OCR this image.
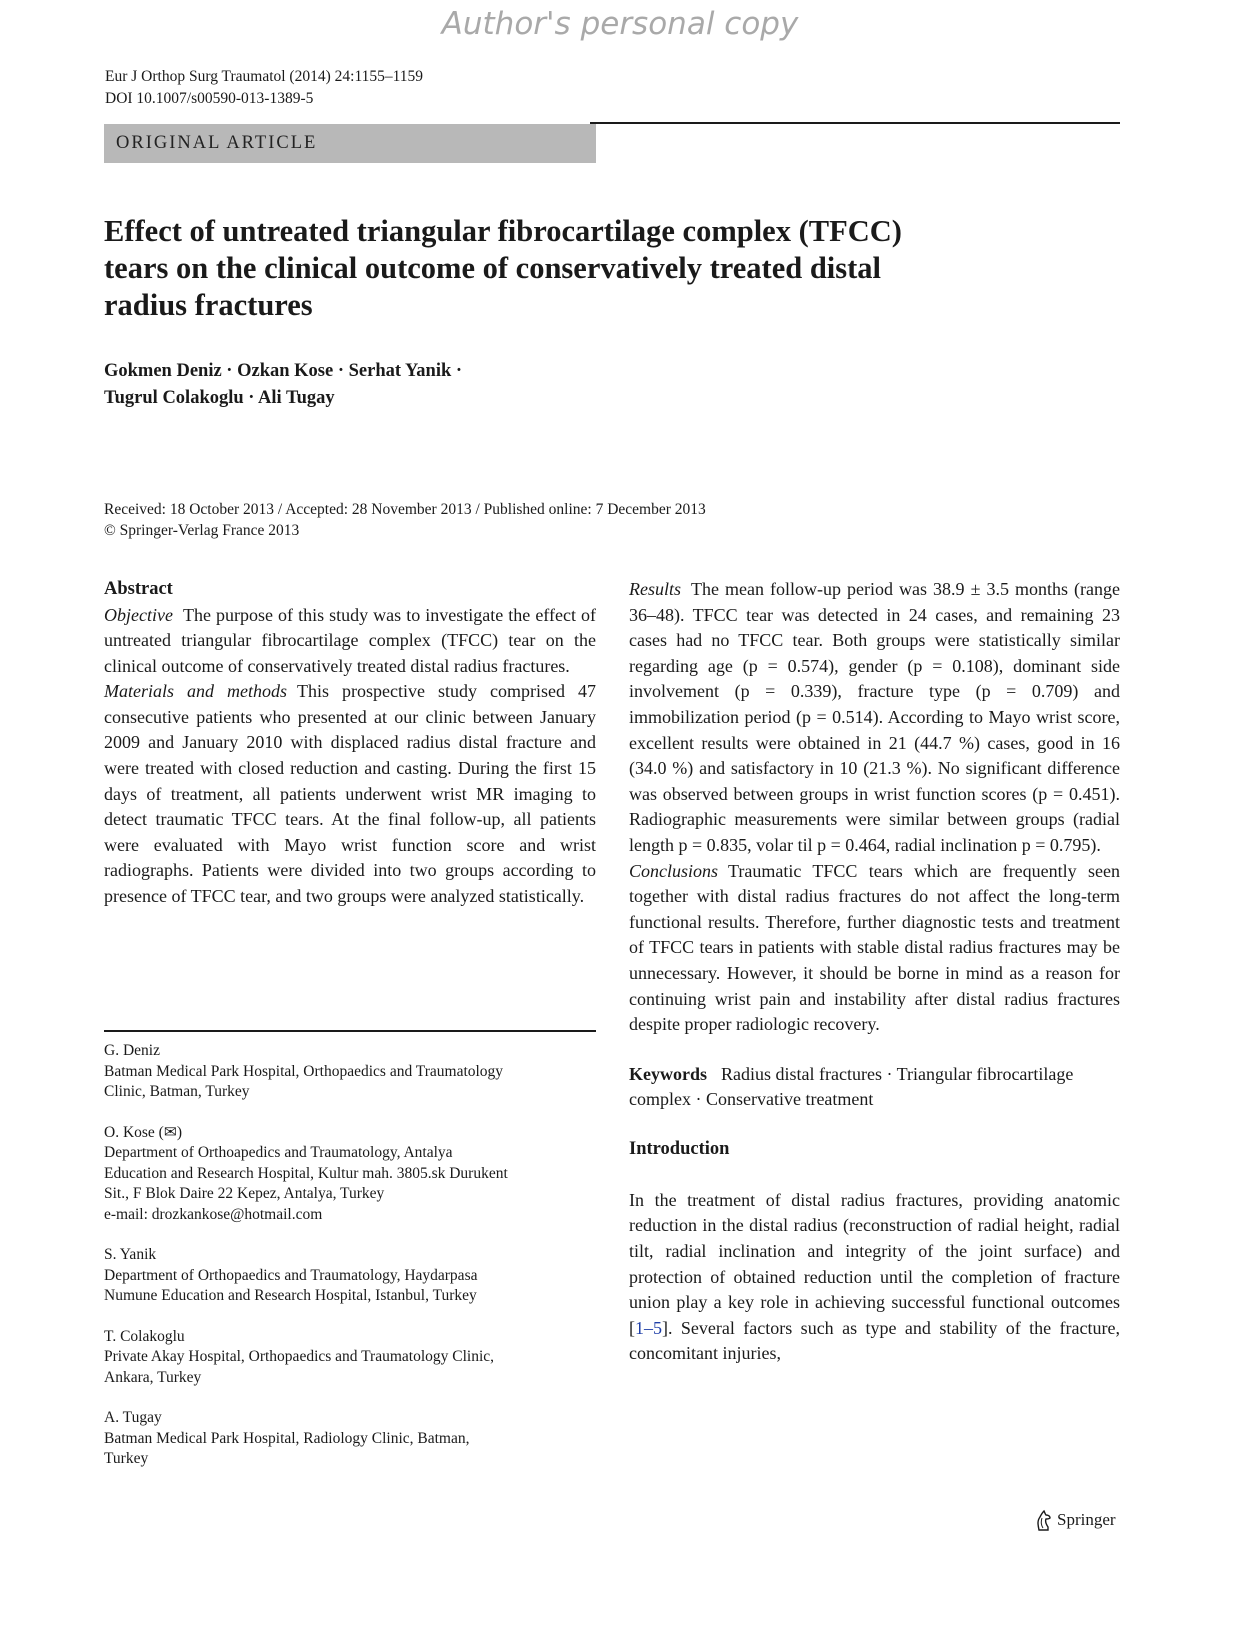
Author's personal copy
Eur J Orthop Surg Traumatol (2014) 24:1155–1159
DOI 10.1007/s00590-013-1389-5
ORIGINAL ARTICLE
Effect of untreated triangular fibrocartilage complex (TFCC)
tears on the clinical outcome of conservatively treated distal
radius fractures
Gokmen Deniz · Ozkan Kose · Serhat Yanik ·
Tugrul Colakoglu · Ali Tugay
Received: 18 October 2013 / Accepted: 28 November 2013 / Published online: 7 December 2013
© Springer-Verlag France 2013
Abstract

Objective The purpose of this study was to investigate the effect of untreated triangular fibrocartilage complex (TFCC) tear on the clinical outcome of conservatively treated distal radius fractures.

Materials and methods This prospective study comprised 47 consecutive patients who presented at our clinic between January 2009 and January 2010 with displaced radius distal fracture and were treated with closed reduction and casting. During the first 15 days of treatment, all patients underwent wrist MR imaging to detect traumatic TFCC tears. At the final follow-up, all patients were evaluated with Mayo wrist function score and wrist radiographs. Patients were divided into two groups according to presence of TFCC tear, and two groups were analyzed statistically.

Results The mean follow-up period was 38.9 ± 3.5 months (range 36–48). TFCC tear was detected in 24 cases, and remaining 23 cases had no TFCC tear. Both groups were statistically similar regarding age (p = 0.574), gender (p = 0.108), dominant side involvement (p = 0.339), fracture type (p = 0.709) and immobilization period (p = 0.514). According to Mayo wrist score, excellent results were obtained in 21 (44.7 %) cases, good in 16 (34.0 %) and satisfactory in 10 (21.3 %). No significant difference was observed between groups in wrist function scores (p = 0.451). Radiographic measurements were similar between groups (radial length p = 0.835, volar til p = 0.464, radial inclination p = 0.795).

Conclusions Traumatic TFCC tears which are frequently seen together with distal radius fractures do not affect the long-term functional results. Therefore, further diagnostic tests and treatment of TFCC tears in patients with stable distal radius fractures may be unnecessary. However, it should be borne in mind as a reason for continuing wrist pain and instability after distal radius fractures despite proper radiologic recovery.

Keywords Radius distal fractures · Triangular fibrocartilage complex · Conservative treatment

Introduction

In the treatment of distal radius fractures, providing anatomic reduction in the distal radius (reconstruction of radial height, radial tilt, radial inclination and integrity of the joint surface) and protection of obtained reduction until the completion of fracture union play a key role in achieving successful functional outcomes [1–5]. Several factors such as type and stability of the fracture, concomitant injuries,

G. Deniz
Batman Medical Park Hospital, Orthopaedics and Traumatology
Clinic, Batman, Turkey
O. Kose (✉)
Department of Orthoapedics and Traumatology, Antalya
Education and Research Hospital, Kultur mah. 3805.sk Durukent
Sit., F Blok Daire 22 Kepez, Antalya, Turkey
e-mail: drozkankose@hotmail.com
S. Yanik
Department of Orthopaedics and Traumatology, Haydarpasa
Numune Education and Research Hospital, Istanbul, Turkey
T. Colakoglu
Private Akay Hospital, Orthopaedics and Traumatology Clinic,
Ankara, Turkey
A. Tugay
Batman Medical Park Hospital, Radiology Clinic, Batman,
Turkey
Springer
